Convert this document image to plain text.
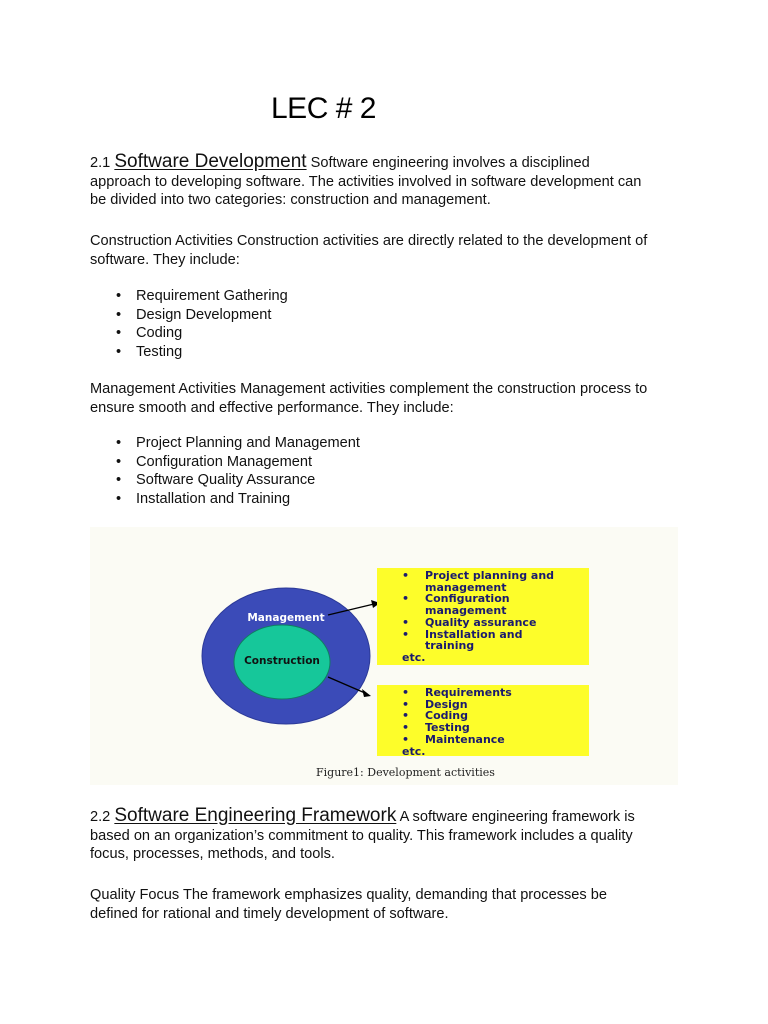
LEC # 2
2.1 Software Development Software engineering involves a disciplined
approach to developing software. The activities involved in software development can
be divided into two categories: construction and management.
Construction Activities Construction activities are directly related to the development of
software. They include:
• Requirement Gathering
• Design Development
• Coding
• Testing
Management Activities Management activities complement the construction process to
ensure smooth and effective performance. They include:
• Project Planning and Management
• Configuration Management
• Software Quality Assurance
• Installation and Training
Management
Construction
• Project planning and
management
• Configuration
management
• Quality assurance
• Installation and
training
etc.
• Requirements
• Design
• Coding
• Testing
• Maintenance
etc.
Figure1: Development activities
2.2 Software Engineering Framework A software engineering framework is
based on an organization’s commitment to quality. This framework includes a quality
focus, processes, methods, and tools.
Quality Focus The framework emphasizes quality, demanding that processes be
defined for rational and timely development of software.
